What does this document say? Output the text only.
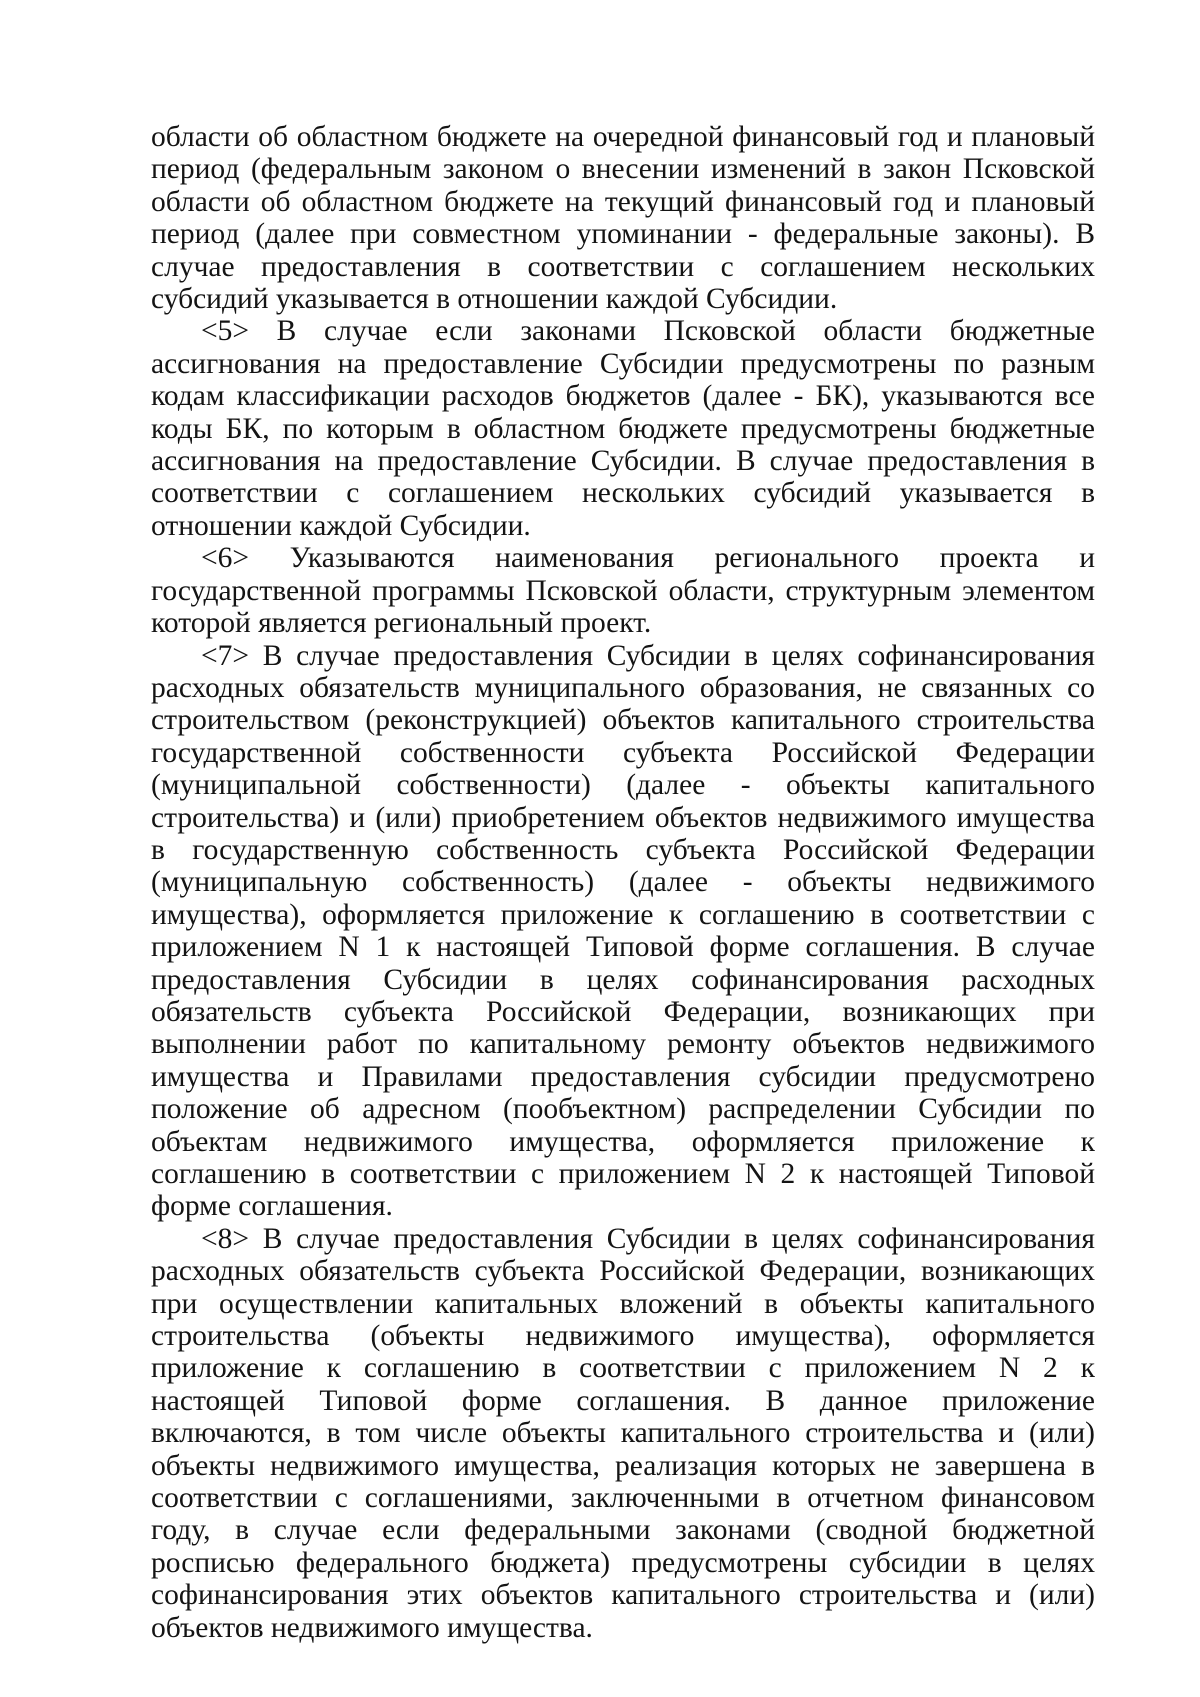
области об областном бюджете на очередной финансовый год и плановый период (федеральным законом о внесении изменений в закон Псковской области об областном бюджете на текущий финансовый год и плановый период (далее при совместном упоминании - федеральные законы). В случае предоставления в соответствии с соглашением нескольких субсидий указывается в отношении каждой Субсидии.

<5> В случае если законами Псковской области бюджетные ассигнования на предоставление Субсидии предусмотрены по разным кодам классификации расходов бюджетов (далее - БК), указываются все коды БК, по которым в областном бюджете предусмотрены бюджетные ассигнования на предоставление Субсидии. В случае предоставления в соответствии с соглашением нескольких субсидий указывается в отношении каждой Субсидии.

<6> Указываются наименования регионального проекта и государственной программы Псковской области, структурным элементом которой является региональный проект.

<7> В случае предоставления Субсидии в целях софинансирования расходных обязательств муниципального образования, не связанных со строительством (реконструкцией) объектов капитального строительства государственной собственности субъекта Российской Федерации (муниципальной собственности) (далее - объекты капитального строительства) и (или) приобретением объектов недвижимого имущества в государственную собственность субъекта Российской Федерации (муниципальную собственность) (далее - объекты недвижимого имущества), оформляется приложение к соглашению в соответствии с приложением N 1 к настоящей Типовой форме соглашения. В случае предоставления Субсидии в целях софинансирования расходных обязательств субъекта Российской Федерации, возникающих при выполнении работ по капитальному ремонту объектов недвижимого имущества и Правилами предоставления субсидии предусмотрено положение об адресном (пообъектном) распределении Субсидии по объектам недвижимого имущества, оформляется приложение к соглашению в соответствии с приложением N 2 к настоящей Типовой форме соглашения.

<8> В случае предоставления Субсидии в целях софинансирования расходных обязательств субъекта Российской Федерации, возникающих при осуществлении капитальных вложений в объекты капитального строительства (объекты недвижимого имущества), оформляется приложение к соглашению в соответствии с приложением N 2 к настоящей Типовой форме соглашения. В данное приложение включаются, в том числе объекты капитального строительства и (или) объекты недвижимого имущества, реализация которых не завершена в соответствии с соглашениями, заключенными в отчетном финансовом году, в случае если федеральными законами (сводной бюджетной росписью федерального бюджета) предусмотрены субсидии в целях софинансирования этих объектов капитального строительства и (или) объектов недвижимого имущества.
